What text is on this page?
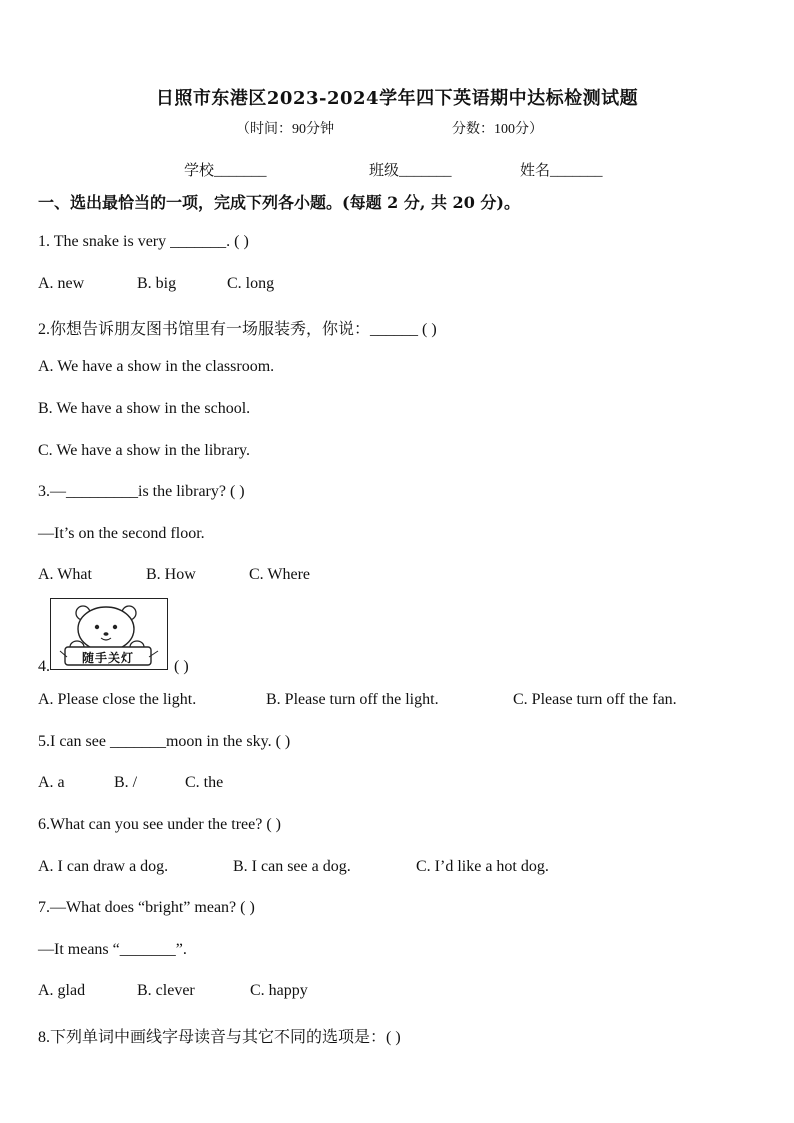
日照市东港区2023-2024学年四下英语期中达标检测试题
（时间：90分钟	分数：100分）
学校_______	班级_______	姓名_______
一、选出最恰当的一项，完成下列各小题。(每题 2 分, 共 20 分)。
1. The snake is very _______. ( )
A. new	B. big	C. long
2.你想告诉朋友图书馆里有一场服装秀，你说：______ ( )
A. We have a show in the classroom.
B. We have a show in the school.
C. We have a show in the library.
3.—_________is the library? ( )
—It’s on the second floor.
A. What	B. How	C. Where
4.	随手关灯	( )
A. Please close the light.	B. Please turn off the light.	C. Please turn off the fan.
5.I can see _______moon in the sky. ( )
A. a	B. /	C. the
6.What can you see under the tree? ( )
A. I can draw a dog.	B. I can see a dog.	C. I’d like a hot dog.
7.—What does “bright” mean? ( )
—It means “_______”.
A. glad	B. clever	C. happy
8.下列单词中画线字母读音与其它不同的选项是：( )
